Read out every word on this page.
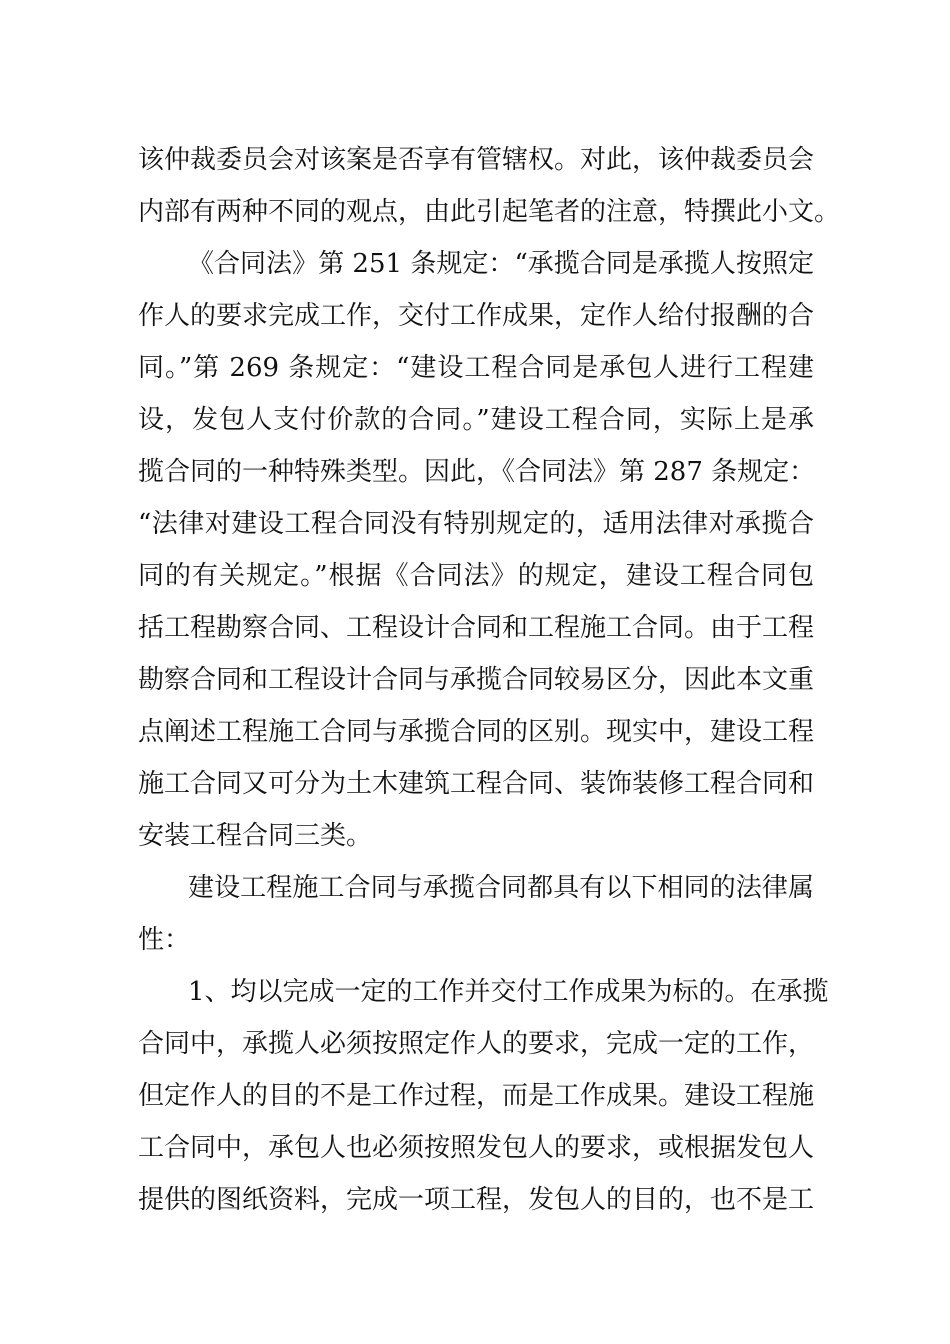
该仲裁委员会对该案是否享有管辖权。对此，该仲裁委员会
内部有两种不同的观点，由此引起笔者的注意，特撰此小文。
《合同法》第 251 条规定：“承揽合同是承揽人按照定
作人的要求完成工作，交付工作成果，定作人给付报酬的合
同。”第 269 条规定：“建设工程合同是承包人进行工程建
设，发包人支付价款的合同。”建设工程合同，实际上是承
揽合同的一种特殊类型。因此，《合同法》第 287 条规定：
“法律对建设工程合同没有特别规定的，适用法律对承揽合
同的有关规定。”根据《合同法》的规定，建设工程合同包
括工程勘察合同、工程设计合同和工程施工合同。由于工程
勘察合同和工程设计合同与承揽合同较易区分，因此本文重
点阐述工程施工合同与承揽合同的区别。现实中，建设工程
施工合同又可分为土木建筑工程合同、装饰装修工程合同和
安装工程合同三类。
建设工程施工合同与承揽合同都具有以下相同的法律属
性：
1、均以完成一定的工作并交付工作成果为标的。在承揽
合同中，承揽人必须按照定作人的要求，完成一定的工作，
但定作人的目的不是工作过程，而是工作成果。建设工程施
工合同中，承包人也必须按照发包人的要求，或根据发包人
提供的图纸资料，完成一项工程，发包人的目的，也不是工
